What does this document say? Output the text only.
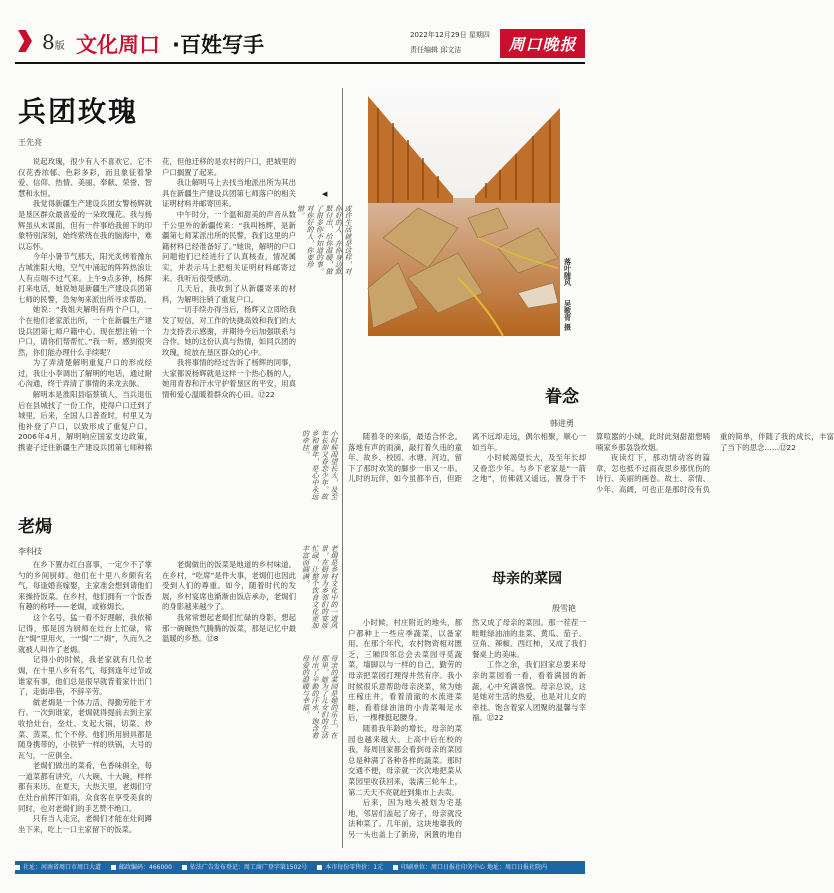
8版 文化周口 ·百姓写手	2022年12月29日 星期四
责任编辑 邱文洁	周口晚报
兵团玫瑰
王先亮

说起玫瑰，很少有人不喜欢它。它不仅花香浓郁、色彩多彩，而且象征着挚爱、信仰、热情、美丽、奉献、荣誉、智慧和永恒。

我觉得新疆生产建设兵团女警杨辉就是垦区群众最喜爱的一朵玫瑰花。我与杨辉虽从未谋面，但有一件事给我留下的印象特别深刻，始终萦绕在我的脑海中，难以忘怀。

今年小暑节气那天，阳光炙烤着豫东古城淮阳大地，空气中涌起的阵阵热浪让人有点喘不过气来。上午9点多钟，杨辉打来电话，她说她是新疆生产建设兵团第七师的民警，急匆匆来派出所寻求帮助。

她说：“我姐夫解明有两个户口，一个在他们老家派出所，一个在新疆生产建设兵团第七师户籍中心。现在想注销一个户口，请你们帮帮忙。”我一听，感到很突然，你们能办理什么手续呢？

为了弄清楚解明重复户口的形成经过，我让小李调出了解明的电话，通过耐心沟通，终于弄清了事情的来龙去脉。

解明本是淮阳县临蔡镇人，当兵退伍后在县城找了一份工作，使得户口迁到了城里，后来，全国人口普查时，村里又为他补登了户口，以致形成了重复户口。2006年4月，解明响应国家支边政策，携妻子迁往新疆生产建设兵团第七师种棉花，但他迁移的是农村的户口，把城里的户口搁置了起来。

我让解明马上去找当地派出所为其出具在新疆生产建设兵团第七师落户的相关证明材料并邮寄回来。

中午时分，一个温和甜美的声音从数千公里外的新疆传来：“我叫杨辉，是新疆第七师某派出所的民警，我们这里的户籍材料已经准备好了。”她说，解明的户口问题他们已经进行了认真核查，情况属实，并表示马上把相关证明材料邮寄过来。我听后很受感动。

几天后，我收到了从新疆寄来的材料，为解明注销了重复户口。

一切手续办得当后，杨辉又立即给我发了短信，对工作的快捷高效和我们的大力支持表示感谢，并期待今后加强联系与合作。她的这份认真与热情，如同兵团的玫瑰，绽放在垦区群众的心中。

我将事情的经过告诉了杨辉的同事，大家都说杨辉就是这样一个热心肠的人，她用青春和汗水守护着垦区的平安，用真情和爱心温暖着群众的心田。⑫22

◀
或许生活就是这样，对你好的人，在你身边默默付出，给你温暖，做了很多你不知道的事。对你好的人，你要珍惜。
小时候渴望长大，及至年长却又眷恋少年。故乡和童年，是心中永远的牵挂。
老焗是乡村文化中的一道风景，在厨房为乡邻们的宴席忙碌，让整个饮食文化更加丰富而圆满。
母亲的菜园是她的乐土，在那里，她为了儿女们的生活付出了辛勤的汗水，饱含着母爱的温暖与幸福。
落叶随风
吴歌胥 摄
眷念
韩进勇

随着冬的来临，最适合怀念。落地有声的雨滴，敲打着久违的童年、故乡、校园、水塘、河边，留下了那时欢笑的脚步一串又一串。儿时的玩伴，如今虽都半百，但距离不远却走远，偶尔相聚，顺心一如当年。

小时候渴望长大，及至年长却又眷恋少年。与乡下老家是“一箭之地”，仿佛就又遥远，置身于不算喧嚣的小城，此时此刻甜甜想喃喃家乡那袅袅炊烟。

夜读灯下，那动情动容的篇章，怎也抵不过雨夜思乡那忧伤的诗行、美丽的画卷。故土、亲情、少年、高阔，可也正是那时没有负重的简单，伴随了我的成长，丰富了当下的思念……⑫22

老焗
李科技

在乡下置办红白喜事，一定少不了掌勺的乡间厨师。他们在十里八乡颇有名气，每逢婚丧嫁娶，主家准会想到请他们来操持饭菜。在乡村，他们拥有一个饭香有趣的称呼——老焗，或称焗长。

这个名号，猛一看不好理解，我依稀记得，那是因为厨师在灶台上忙碌，常在“焗”里用火，一“焗”二“焗”，久而久之就被人叫作了老焗。

记得小的时候，我老家就有几位老焗，在十里八乡有名气，每到逢年过节或谁家有事，他们总是很早就背着家什出门了，走街串巷，不辞辛劳。

做老焗是一个体力活，得勤劳能干才行。一次到谁家，老焗就得提前去到主家收拾灶台，垒灶、支起大锅，切菜、炒菜、蒸菜，忙个不停。他们所用厨具都是随身携带的，小铁铲一样的铁锅，大号的瓦勺，一应俱全。

老焗们做出的菜肴，色香味俱全，每一道菜都有讲究，八大碗、十大碗，样样都有来历。在夏天，大热天里，老焗们守在灶台前挥汗如雨，众食客在享受美食的同时，也对老焗们的手艺赞不绝口。

只有当人走完，老焗们才能在灶间蹲坐下来，吃上一口主家留下的饭菜。

老焗做出的饭菜是地道的乡村味道。在乡村，“吃席”是件大事，老焗们也因此受到人们的尊重。如今，随着时代的发展，乡村宴席也渐渐由饭店承办，老焗们的身影越来越少了。

我常常想起老焗们忙碌的身影，想起那一碗碗热气腾腾的饭菜，那是记忆中最温暖的乡愁。⑫8

母亲的菜园
殷雪艳

小时候，村庄附近的地头，都户都种上一些应季蔬菜，以备家用。在那个年代，农村物资相对匮乏，三厢四邻总会去菜园寻觅蔬菜，墙脚以与一样的自己，勤劳的母亲把菜园打理得井然有序。我小时候很乐意帮助母亲浇菜，常为她庄稼庄井，看着清澈的水流进菜畦，看着绿油油的小青菜喝足水后，一棵棵挺起腰身。

随着我年龄的增长，母亲的菜园也越来越大。上高中后在校的我，每周回家都会看到母亲的菜园总是种满了各种各样的蔬菜。那时交通不便，母亲就一次次地把菜从菜园里收获回来，装满三轮车上，第二天天不亮就赶到集市上去卖。

后来，因为地头被划为宅基地，邻居们盖起了房子，母亲就没法种菜了。几年前，这块地靠我的另一头也盖上了新房，闲置的地自然又成了母亲的菜园。那一茬茬一畦畦绿油油的韭菜、黄瓜、茄子、豆角、辣椒、西红柿，又成了我们餐桌上的美味。

工作之余，我们回家总要来母亲的菜园看一看，看着满园的新蔬，心中充满喜悦。母亲总说，这是她对生活的热爱，也是对儿女的牵挂。饱含着家人团聚的温馨与幸福。⑫22

社址：河南省周口市周口大道	邮政编码：466000	依法广告发布登记：周工商广登字第1502号	本市每份零售价：1元	印刷单位：周口日报社印务中心 地址：周口日报社院内
